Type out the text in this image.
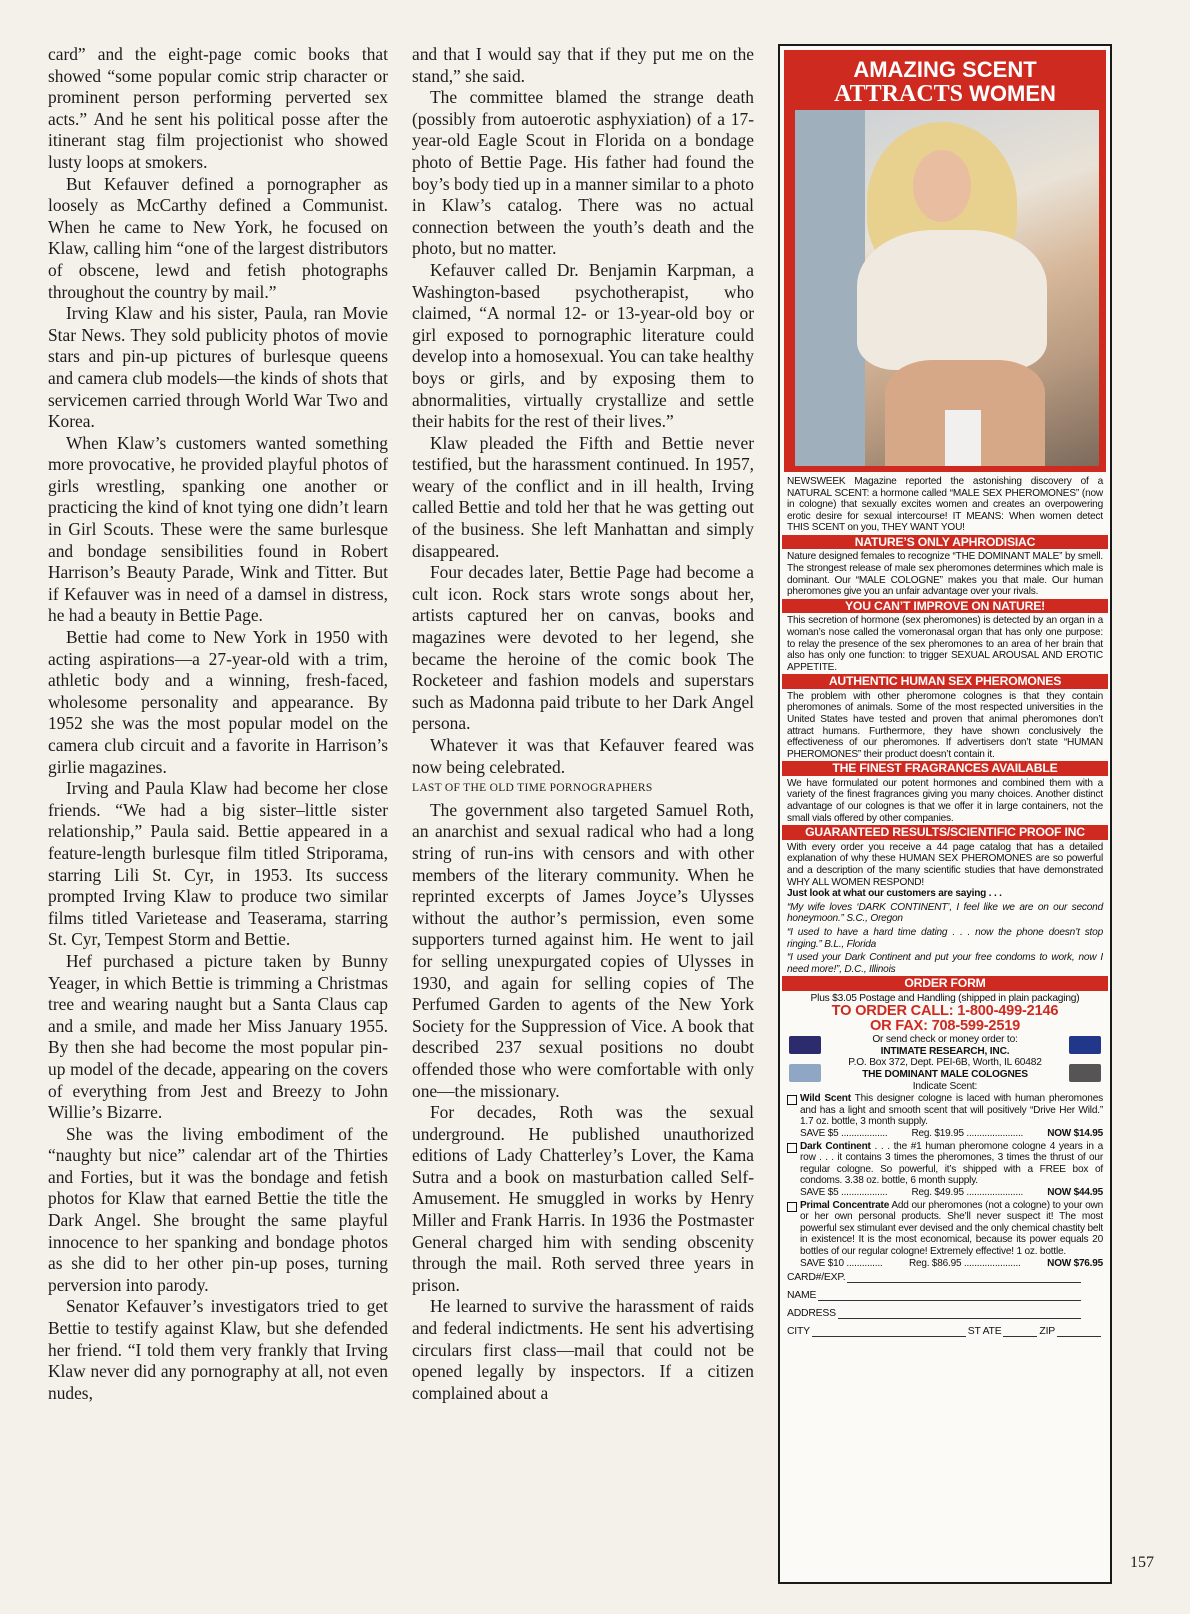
card” and the eight-page comic books that showed “some popular comic strip character or prominent person performing perverted sex acts.” And he sent his political posse after the itinerant stag film projectionist who showed lusty loops at smokers.

But Kefauver defined a pornographer as loosely as McCarthy defined a Communist. When he came to New York, he focused on Klaw, calling him “one of the largest distributors of obscene, lewd and fetish photographs throughout the country by mail.”

Irving Klaw and his sister, Paula, ran Movie Star News. They sold publicity photos of movie stars and pin-up pictures of burlesque queens and camera club models—the kinds of shots that servicemen carried through World War Two and Korea.

When Klaw’s customers wanted something more provocative, he provided playful photos of girls wrestling, spanking one another or practicing the kind of knot tying one didn’t learn in Girl Scouts. These were the same burlesque and bondage sensibilities found in Robert Harrison’s Beauty Parade, Wink and Titter. But if Kefauver was in need of a damsel in distress, he had a beauty in Bettie Page.

Bettie had come to New York in 1950 with acting aspirations—a 27-year-old with a trim, athletic body and a winning, fresh-faced, wholesome personality and appearance. By 1952 she was the most popular model on the camera club circuit and a favorite in Harrison’s girlie magazines.

Irving and Paula Klaw had become her close friends. “We had a big sister–little sister relationship,” Paula said. Bettie appeared in a feature-length burlesque film titled Striporama, starring Lili St. Cyr, in 1953. Its success prompted Irving Klaw to produce two similar films titled Varietease and Teaserama, starring St. Cyr, Tempest Storm and Bettie.

Hef purchased a picture taken by Bunny Yeager, in which Bettie is trimming a Christmas tree and wearing naught but a Santa Claus cap and a smile, and made her Miss January 1955. By then she had become the most popular pin-up model of the decade, appearing on the covers of everything from Jest and Breezy to John Willie’s Bizarre.

She was the living embodiment of the “naughty but nice” calendar art of the Thirties and Forties, but it was the bondage and fetish photos for Klaw that earned Bettie the title the Dark Angel. She brought the same playful innocence to her spanking and bondage photos as she did to her other pin-up poses, turning perversion into parody.

Senator Kefauver’s investigators tried to get Bettie to testify against Klaw, but she defended her friend. “I told them very frankly that Irving Klaw never did any pornography at all, not even nudes,

and that I would say that if they put me on the stand,” she said.

The committee blamed the strange death (possibly from autoerotic asphyxiation) of a 17-year-old Eagle Scout in Florida on a bondage photo of Bettie Page. His father had found the boy’s body tied up in a manner similar to a photo in Klaw’s catalog. There was no actual connection between the youth’s death and the photo, but no matter.

Kefauver called Dr. Benjamin Karpman, a Washington-based psychotherapist, who claimed, “A normal 12- or 13-year-old boy or girl exposed to pornographic literature could develop into a homosexual. You can take healthy boys or girls, and by exposing them to abnormalities, virtually crystallize and settle their habits for the rest of their lives.”

Klaw pleaded the Fifth and Bettie never testified, but the harassment continued. In 1957, weary of the conflict and in ill health, Irving called Bettie and told her that he was getting out of the business. She left Manhattan and simply disappeared.

Four decades later, Bettie Page had become a cult icon. Rock stars wrote songs about her, artists captured her on canvas, books and magazines were devoted to her legend, she became the heroine of the comic book The Rocketeer and fashion models and superstars such as Madonna paid tribute to her Dark Angel persona.

Whatever it was that Kefauver feared was now being celebrated.

LAST OF THE OLD TIME PORNOGRAPHERS

The government also targeted Samuel Roth, an anarchist and sexual radical who had a long string of run-ins with censors and with other members of the literary community. When he reprinted excerpts of James Joyce’s Ulysses without the author’s permission, even some supporters turned against him. He went to jail for selling unexpurgated copies of Ulysses in 1930, and again for selling copies of The Perfumed Garden to agents of the New York Society for the Suppression of Vice. A book that described 237 sexual positions no doubt offended those who were comfortable with only one—the missionary.

For decades, Roth was the sexual underground. He published unauthorized editions of Lady Chatterley’s Lover, the Kama Sutra and a book on masturbation called Self-Amusement. He smuggled in works by Henry Miller and Frank Harris. In 1936 the Postmaster General charged him with sending obscenity through the mail. Roth served three years in prison.

He learned to survive the harassment of raids and federal indictments. He sent his advertising circulars first class—mail that could not be opened legally by inspectors. If a citizen complained about a

AMAZING SCENT
ATTRACTS WOMEN

NEWSWEEK Magazine reported the astonishing discovery of a NATURAL SCENT: a hormone called “MALE SEX PHEROMONES” (now in cologne) that sexually excites women and creates an overpowering erotic desire for sexual intercourse! IT MEANS: When women detect THIS SCENT on you, THEY WANT YOU!

NATURE’S ONLY APHRODISIAC

Nature designed females to recognize “THE DOMINANT MALE” by smell. The strongest release of male sex pheromones determines which male is dominant. Our “MALE COLOGNE” makes you that male. Our human pheromones give you an unfair advantage over your rivals.

YOU CAN’T IMPROVE ON NATURE!

This secretion of hormone (sex pheromones) is detected by an organ in a woman’s nose called the vomeronasal organ that has only one purpose: to relay the presence of the sex pheromones to an area of her brain that also has only one function: to trigger SEXUAL AROUSAL AND EROTIC APPETITE.

AUTHENTIC HUMAN SEX PHEROMONES

The problem with other pheromone colognes is that they contain pheromones of animals. Some of the most respected universities in the United States have tested and proven that animal pheromones don’t attract humans. Furthermore, they have shown conclusively the effectiveness of our pheromones. If advertisers don’t state “HUMAN PHEROMONES” their product doesn’t contain it.

THE FINEST FRAGRANCES AVAILABLE

We have formulated our potent hormones and combined them with a variety of the finest fragrances giving you many choices. Another distinct advantage of our colognes is that we offer it in large containers, not the small vials offered by other companies.

GUARANTEED RESULTS/SCIENTIFIC PROOF INC

With every order you receive a 44 page catalog that has a detailed explanation of why these HUMAN SEX PHEROMONES are so powerful and a description of the many scientific studies that have demonstrated WHY ALL WOMEN RESPOND!

Just look at what our customers are saying . . .

“My wife loves ‘DARK CONTINENT’, I feel like we are on our second honeymoon.” S.C., Oregon

“I used to have a hard time dating . . . now the phone doesn’t stop ringing.” B.L., Florida

“I used your Dark Continent and put your free condoms to work, now I need more!”, D.C., Illinois

ORDER FORM
Plus $3.05 Postage and Handling (shipped in plain packaging)
TO ORDER CALL: 1-800-499-2146
OR FAX: 708-599-2519
Or send check or money order to:
INTIMATE RESEARCH, INC.
P.O. Box 372, Dept. PEI-6B, Worth, IL 60482
THE DOMINANT MALE COLOGNES
Indicate Scent:

Wild Scent This designer cologne is laced with human pheromones and has a light and smooth scent that will positively “Drive Her Wild.” 1.7 oz. bottle, 3 month supply.

SAVE $5 .................. Reg. $19.95 ...................... NOW $14.95

Dark Continent . . . the #1 human pheromone cologne 4 years in a row . . . it contains 3 times the pheromones, 3 times the thrust of our regular cologne. So powerful, it’s shipped with a FREE box of condoms. 3.38 oz. bottle, 6 month supply.

SAVE $5 .................. Reg. $49.95 ...................... NOW $44.95

Primal Concentrate Add our pheromones (not a cologne) to your own or her own personal products. She’ll never suspect it! The most powerful sex stimulant ever devised and the only chemical chastity belt in existence! It is the most economical, because its power equals 20 bottles of our regular cologne! Extremely effective! 1 oz. bottle.

SAVE $10 ..............	Reg. $86.95 ......................	NOW $76.95
CARD#/EXP.
NAME
ADDRESS
CITY	ST ATE	ZIP
157
